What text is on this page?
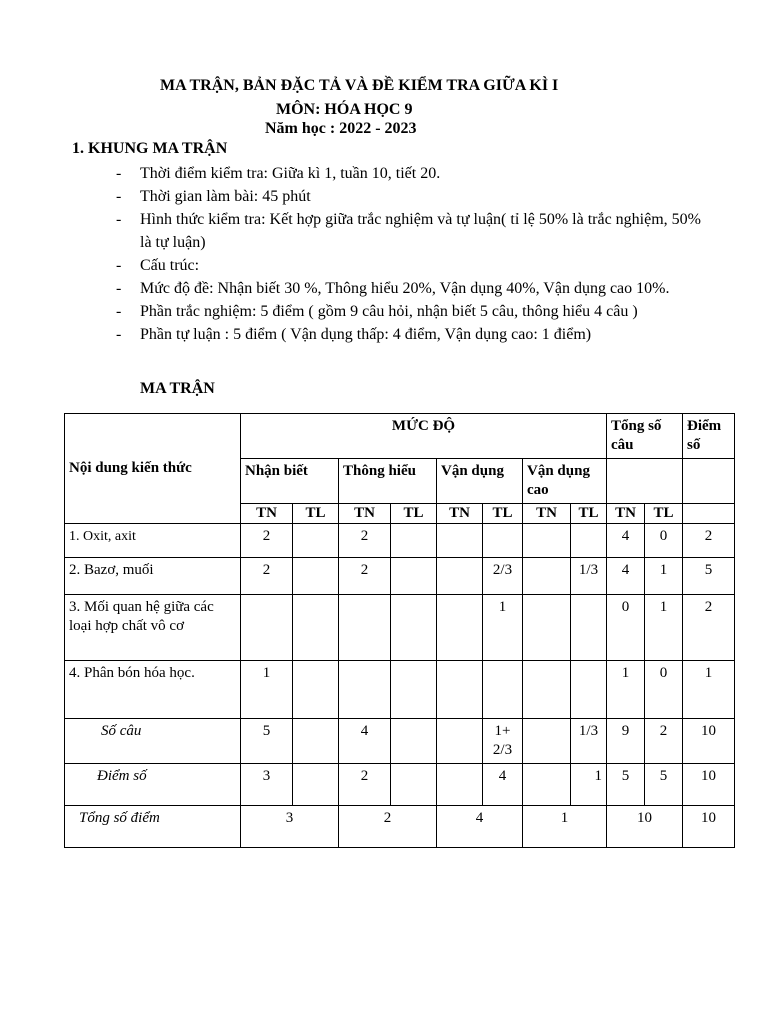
MA TRẬN, BẢN ĐẶC TẢ VÀ ĐỀ KIỂM TRA GIỮA KÌ I
MÔN: HÓA HỌC 9
Năm học : 2022 - 2023
1. KHUNG MA TRẬN
- Thời điểm kiểm tra: Giữa kì 1, tuần 10, tiết 20.
- Thời gian làm bài: 45 phút
- Hình thức kiểm tra: Kết hợp giữa trắc nghiệm và tự luận( tỉ lệ 50% là trắc nghiệm, 50% là tự luận)
- Cấu trúc:
- Mức độ đề: Nhận biết 30 %, Thông hiểu 20%, Vận dụng 40%, Vận dụng cao 10%.
- Phần trắc nghiệm: 5 điểm ( gồm 9 câu hỏi, nhận biết 5 câu, thông hiểu 4 câu )
- Phần tự luận : 5 điểm ( Vận dụng thấp: 4 điểm, Vận dụng cao: 1 điểm)
MA TRẬN
Nội dung kiến thức	MỨC ĐỘ								Tổng số câu		Điểm số
	Nhận biết		Thông hiểu		Vận dụng		Vận dụng cao				
	TN	TL	TN	TL	TN	TL	TN	TL	TN	TL	
1. Oxit, axit	2		2						4	0	2
2. Bazơ, muối	2		2			2/3		1/3	4	1	5
3. Mối quan hệ giữa các loại hợp chất vô cơ						1			0	1	2
4. Phân bón hóa học.	1								1	0	1
Số câu	5		4			1+ 2/3		1/3	9	2	10
Điểm số	3		2			4		1	5	5	10
Tổng số điểm	3		2		4		1		10		10
